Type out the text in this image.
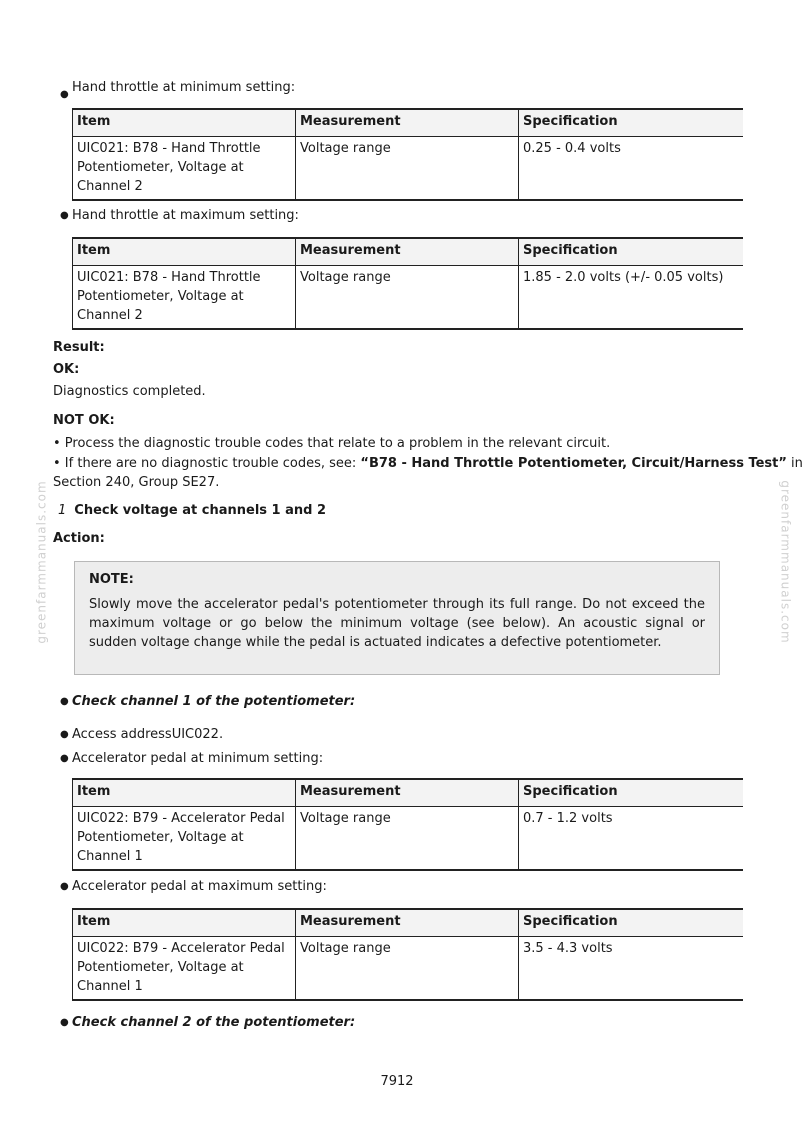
greenfarmmanuals.com	greenfarmmanuals.com
● Hand throttle at minimum setting:
Item	Measurement	Specification
UIC021: B78 - Hand Throttle
Potentiometer, Voltage at
Channel 2	Voltage range	0.25 - 0.4 volts
● Hand throttle at maximum setting:
Item	Measurement	Specification
UIC021: B78 - Hand Throttle
Potentiometer, Voltage at
Channel 2	Voltage range	1.85 - 2.0 volts (+/- 0.05 volts)
Result:
OK:
Diagnostics completed.
NOT OK:
• Process the diagnostic trouble codes that relate to a problem in the relevant circuit.
• If there are no diagnostic trouble codes, see: “B78 - Hand Throttle Potentiometer, Circuit/Harness Test” in
Section 240, Group SE27.
1 Check voltage at channels 1 and 2
Action:
NOTE:
Slowly move the accelerator pedal's potentiometer through its full range. Do not exceed the maximum voltage or go below the minimum voltage (see below). An acoustic signal or sudden voltage change while the pedal is actuated indicates a defective potentiometer.
● Check channel 1 of the potentiometer:
● Access addressUIC022.
● Accelerator pedal at minimum setting:
Item	Measurement	Specification
UIC022: B79 - Accelerator Pedal
Potentiometer, Voltage at
Channel 1	Voltage range	0.7 - 1.2 volts
● Accelerator pedal at maximum setting:
Item	Measurement	Specification
UIC022: B79 - Accelerator Pedal
Potentiometer, Voltage at
Channel 1	Voltage range	3.5 - 4.3 volts
● Check channel 2 of the potentiometer:
7912
